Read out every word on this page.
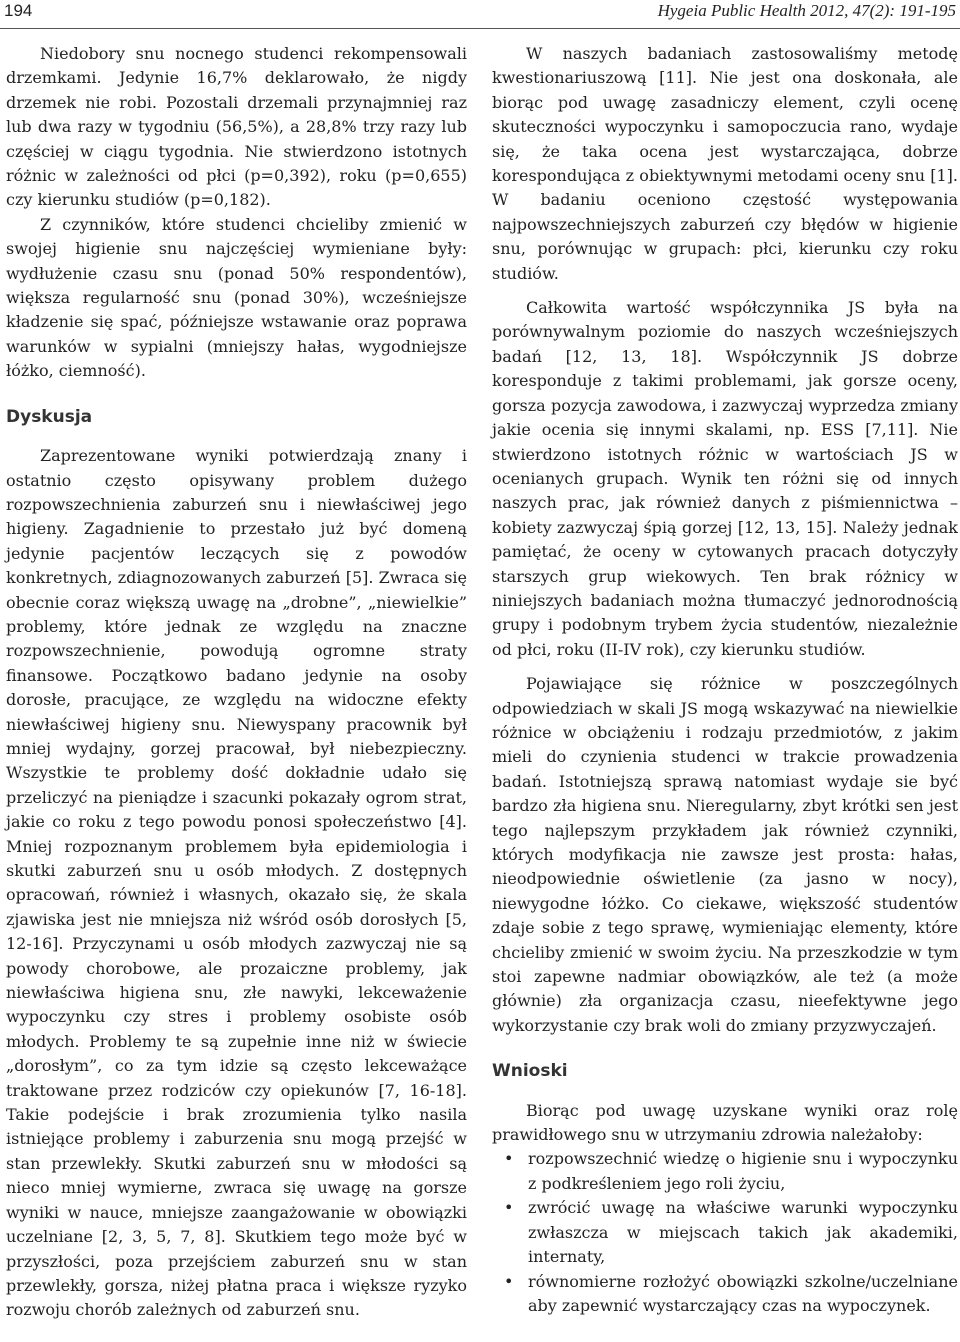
194	Hygeia Public Health 2012, 47(2): 191-195

Niedobory snu nocnego studenci rekompensowali drzemkami. Jedynie 16,7% deklarowało, że nigdy drzemek nie robi. Pozostali drzemali przynajmniej raz lub dwa razy w tygodniu (56,5%), a 28,8% trzy razy lub częściej w ciągu tygodnia. Nie stwierdzono istotnych różnic w zależności od płci (p=0,392), roku (p=0,655) czy kierunku studiów (p=0,182).

Z czynników, które studenci chcieliby zmienić w swojej higienie snu najczęściej wymieniane były: wydłużenie czasu snu (ponad 50% respondentów), większa regularność snu (ponad 30%), wcześniejsze kładzenie się spać, późniejsze wstawanie oraz poprawa warunków w sypialni (mniejszy hałas, wygodniejsze łóżko, ciemność).

Dyskusja

Zaprezentowane wyniki potwierdzają znany i ostatnio często opisywany problem dużego rozpowszechnienia zaburzeń snu i niewłaściwej jego higieny. Zagadnienie to przestało już być domeną jedynie pacjentów leczących się z powodów konkretnych, zdiagnozowanych zaburzeń [5]. Zwraca się obecnie coraz większą uwagę na „drobne”, „niewielkie” problemy, które jednak ze względu na znaczne rozpowszechnienie, powodują ogromne straty finansowe. Początkowo badano jedynie na osoby dorosłe, pracujące, ze względu na widoczne efekty niewłaściwej higieny snu. Niewyspany pracownik był mniej wydajny, gorzej pracował, był niebezpieczny. Wszystkie te problemy dość dokładnie udało się przeliczyć na pieniądze i szacunki pokazały ogrom strat, jakie co roku z tego powodu ponosi społeczeństwo [4]. Mniej rozpoznanym problemem była epidemiologia i skutki zaburzeń snu u osób młodych. Z dostępnych opracowań, również i własnych, okazało się, że skala zjawiska jest nie mniejsza niż wśród osób dorosłych [5, 12-16]. Przyczynami u osób młodych zazwyczaj nie są powody chorobowe, ale prozaiczne problemy, jak niewłaściwa higiena snu, złe nawyki, lekceważenie wypoczynku czy stres i problemy osobiste osób młodych. Problemy te są zupełnie inne niż w świecie „dorosłym”, co za tym idzie są często lekceważące traktowane przez rodziców czy opiekunów [7, 16-18]. Takie podejście i brak zrozumienia tylko nasila istniejące problemy i zaburzenia snu mogą przejść w stan przewlekły. Skutki zaburzeń snu w młodości są nieco mniej wymierne, zwraca się uwagę na gorsze wyniki w nauce, mniejsze zaangażowanie w obowiązki uczelniane [2, 3, 5, 7, 8]. Skutkiem tego może być w przyszłości, poza przejściem zaburzeń snu w stan przewlekły, gorsza, niżej płatna praca i większe ryzyko rozwoju chorób zależnych od zaburzeń snu.

W naszych badaniach zastosowaliśmy metodę kwestionariuszową [11]. Nie jest ona doskonała, ale biorąc pod uwagę zasadniczy element, czyli ocenę skuteczności wypoczynku i samopoczucia rano, wydaje się, że taka ocena jest wystarczająca, dobrze korespondująca z obiektywnymi metodami oceny snu [1]. W badaniu oceniono częstość występowania najpowszechniejszych zaburzeń czy błędów w higienie snu, porównując w grupach: płci, kierunku czy roku studiów.

Całkowita wartość współczynnika JS była na porównywalnym poziomie do naszych wcześniejszych badań [12, 13, 18]. Współczynnik JS dobrze koresponduje z takimi problemami, jak gorsze oceny, gorsza pozycja zawodowa, i zazwyczaj wyprzedza zmiany jakie ocenia się innymi skalami, np. ESS [7,11]. Nie stwierdzono istotnych różnic w wartościach JS w ocenianych grupach. Wynik ten różni się od innych naszych prac, jak również danych z piśmiennictwa – kobiety zazwyczaj śpią gorzej [12, 13, 15]. Należy jednak pamiętać, że oceny w cytowanych pracach dotyczyły starszych grup wiekowych. Ten brak różnicy w niniejszych badaniach można tłumaczyć jednorodnością grupy i podobnym trybem życia studentów, niezależnie od płci, roku (II-IV rok), czy kierunku studiów.

Pojawiające się różnice w poszczególnych odpowiedziach w skali JS mogą wskazywać na niewielkie różnice w obciążeniu i rodzaju przedmiotów, z jakim mieli do czynienia studenci w trakcie prowadzenia badań. Istotniejszą sprawą natomiast wydaje sie być bardzo zła higiena snu. Nieregularny, zbyt krótki sen jest tego najlepszym przykładem jak również czynniki, których modyfikacja nie zawsze jest prosta: hałas, nieodpowiednie oświetlenie (za jasno w nocy), niewygodne łóżko. Co ciekawe, większość studentów zdaje sobie z tego sprawę, wymieniając elementy, które chcieliby zmienić w swoim życiu. Na przeszkodzie w tym stoi zapewne nadmiar obowiązków, ale też (a może głównie) zła organizacja czasu, nieefektywne jego wykorzystanie czy brak woli do zmiany przyzwyczajeń.

Wnioski

Biorąc pod uwagę uzyskane wyniki oraz rolę prawidłowego snu w utrzymaniu zdrowia należałoby:

• rozpowszechnić wiedzę o higienie snu i wypoczynku z podkreśleniem jego roli życiu,
• zwrócić uwagę na właściwe warunki wypoczynku zwłaszcza w miejscach takich jak akademiki, internaty,
• równomierne rozłożyć obowiązki szkolne/uczelniane aby zapewnić wystarczający czas na wypoczynek.
